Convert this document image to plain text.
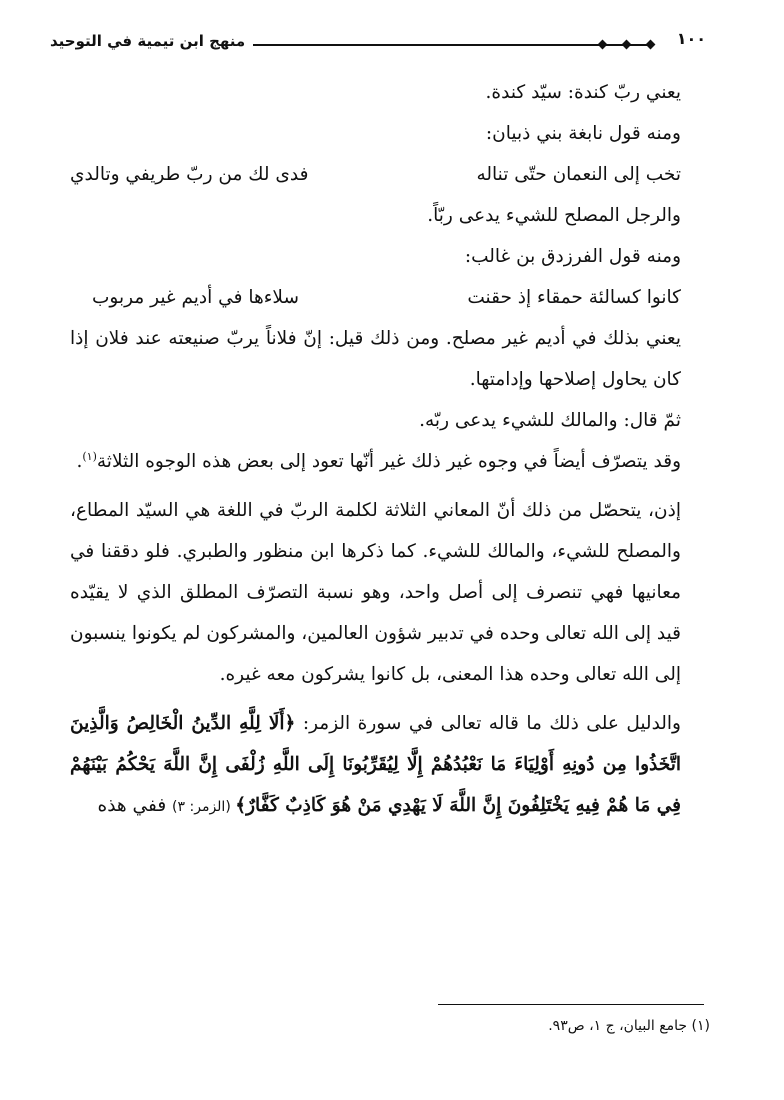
منهج ابن تيمية في التوحيد	١٠٠

يعني ربّ كندة: سيّد كندة.

ومنه قول نابغة بني ذبيان:

تخب إلى النعمان حتّى تناله
فدى لك من ربّ طريفي وتالدي

والرجل المصلح للشيء يدعى ربّاً.

ومنه قول الفرزدق بن غالب:

كانوا كسالئة حمقاء إذ حقنت
سلاءها في أديم غير مربوب

يعني بذلك في أديم غير مصلح. ومن ذلك قيل: إنّ فلاناً يربّ صنيعته عند فلان إذا كان يحاول إصلاحها وإدامتها.

ثمّ قال: والمالك للشيء يدعى ربّه.

وقد يتصرّف أيضاً في وجوه غير ذلك غير أنّها تعود إلى بعض هذه الوجوه الثلاثة$^{(١)}$.

إذن، يتحصّل من ذلك أنّ المعاني الثلاثة لكلمة الربّ في اللغة هي السيّد المطاع، والمصلح للشيء، والمالك للشيء. كما ذكرها ابن منظور والطبري. فلو دققنا في معانيها فهي تنصرف إلى أصل واحد، وهو نسبة التصرّف المطلق الذي لا يقيّده قيد إلى الله تعالى وحده في تدبير شؤون العالمين، والمشركون لم يكونوا ينسبون إلى الله تعالى وحده هذا المعنى، بل كانوا يشركون معه غيره.

والدليل على ذلك ما قاله تعالى في سورة الزمر: ﴿أَلَا لِلَّهِ الدِّينُ الْخَالِصُ وَالَّذِينَ اتَّخَذُوا مِن دُونِهِ أَوْلِيَاءَ مَا نَعْبُدُهُمْ إِلَّا لِيُقَرِّبُونَا إِلَى اللَّهِ زُلْفَى إِنَّ اللَّهَ يَحْكُمُ بَيْنَهُمْ فِي مَا هُمْ فِيهِ يَخْتَلِفُونَ إِنَّ اللَّهَ لَا يَهْدِي مَنْ هُوَ كَاذِبٌ كَفَّارٌ﴾ (الزمر: ٣) ففي هذه

(١) جامع البيان، ج ١، ص٩٣.
